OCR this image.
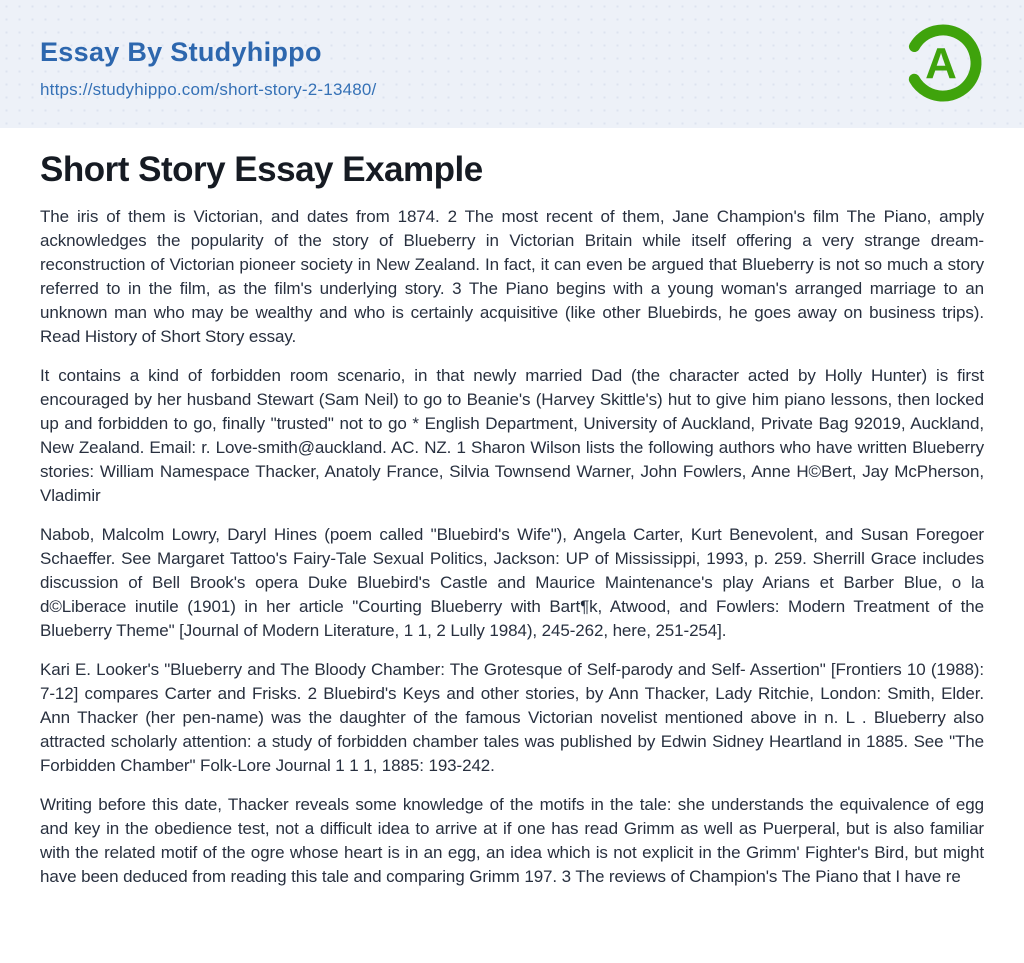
Essay By Studyhippo
https://studyhippo.com/short-story-2-13480/
A
Short Story Essay Example

The iris of them is Victorian, and dates from 1874. 2 The most recent of them, Jane Champion's film The Piano, amply acknowledges the popularity of the story of Blueberry in Victorian Britain while itself offering a very strange dream-reconstruction of Victorian pioneer society in New Zealand. In fact, it can even be argued that Blueberry is not so much a story referred to in the film, as the film's underlying story. 3 The Piano begins with a young woman's arranged marriage to an unknown man who may be wealthy and who is certainly acquisitive (like other Bluebirds, he goes away on business trips). Read History of Short Story essay.

It contains a kind of forbidden room scenario, in that newly married Dad (the character acted by Holly Hunter) is first encouraged by her husband Stewart (Sam Neil) to go to Beanie's (Harvey Skittle's) hut to give him piano lessons, then locked up and forbidden to go, finally "trusted" not to go * English Department, University of Auckland, Private Bag 92019, Auckland, New Zealand. Email: r. Love-smith@auckland. AC. NZ. 1 Sharon Wilson lists the following authors who have written Blueberry stories: William Namespace Thacker, Anatoly France, Silvia Townsend Warner, John Fowlers, Anne H©Bert, Jay McPherson, Vladimir

Nabob, Malcolm Lowry, Daryl Hines (poem called "Bluebird's Wife"), Angela Carter, Kurt Benevolent, and Susan Foregoer Schaeffer. See Margaret Tattoo's Fairy-Tale Sexual Politics, Jackson: UP of Mississippi, 1993, p. 259. Sherrill Grace includes discussion of Bell Brook's opera Duke Bluebird's Castle and Maurice Maintenance's play Arians et Barber Blue, o la d©Liberace inutile (1901) in her article "Courting Blueberry with Bart¶k, Atwood, and Fowlers: Modern Treatment of the Blueberry Theme" [Journal of Modern Literature, 1 1, 2 Lully 1984), 245-262, here, 251-254].

Kari E. Looker's "Blueberry and The Bloody Chamber: The Grotesque of Self-parody and Self- Assertion" [Frontiers 10 (1988): 7-12] compares Carter and Frisks. 2 Bluebird's Keys and other stories, by Ann Thacker, Lady Ritchie, London: Smith, Elder. Ann Thacker (her pen-name) was the daughter of the famous Victorian novelist mentioned above in n. L . Blueberry also attracted scholarly attention: a study of forbidden chamber tales was published by Edwin Sidney Heartland in 1885. See "The Forbidden Chamber" Folk-Lore Journal 1 1 1, 1885: 193-242.

Writing before this date, Thacker reveals some knowledge of the motifs in the tale: she understands the equivalence of egg and key in the obedience test, not a difficult idea to arrive at if one has read Grimm as well as Puerperal, but is also familiar with the related motif of the ogre whose heart is in an egg, an idea which is not explicit in the Grimm' Fighter's Bird, but might have been deduced from reading this tale and comparing Grimm 197. 3 The reviews of Champion's The Piano that I have re
